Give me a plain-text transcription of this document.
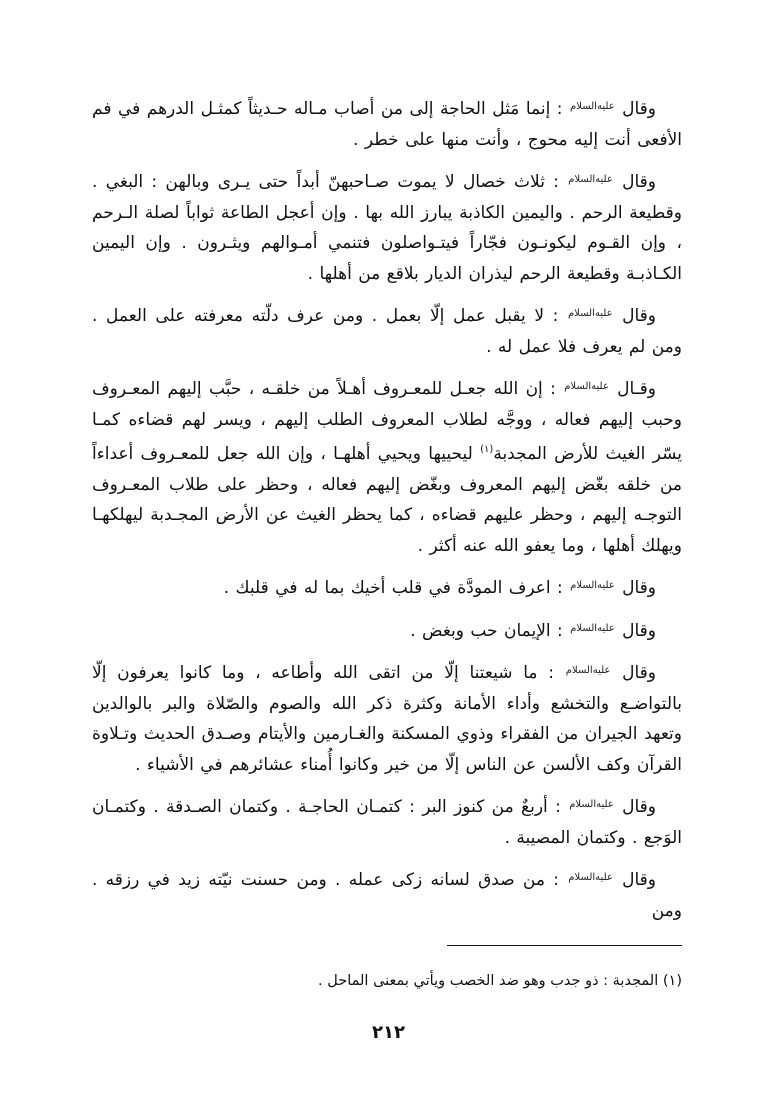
وقال $^{عليه‌السلام}$ : إنما مَثل الحاجة إلى من أصاب مـاله حـديثاً كمثـل الدرهم في فم الأفعى أنت إليه محوج ، وأنت منها على خطر .

وقال $^{عليه‌السلام}$ : ثلاث خصال لا يموت صـاحبهنّ أبداً حتى يـرى وبالهن : البغي . وقطيعة الرحم . واليمين الكاذبة يبارز الله بها . وإن أعجل الطاعة ثواباً لصلة الـرحم ، وإن القـوم ليكونـون فجّاراً فيتـواصلون فتنمي أمـوالهم ويثـرون . وإن اليمين الكـاذبـة وقطيعة الرحم ليذران الديار بلاقع من أهلها .

وقال $^{عليه‌السلام}$ : لا يقبل عمل إلّا بعمل . ومن عرف دلّته معرفته على العمل . ومن لم يعرف فلا عمل له .

وقـال $^{عليه‌السلام}$ : إن الله جعـل للمعـروف أهـلاً من خلقـه ، حبَّب إليهم المعـروف وحبب إليهم فعاله ، ووجَّه لطلاب المعروف الطلب إليهم ، ويسر لهم قضاءه كمـا يسّر الغيث للأرض المجدبة$^{(١)}$ ليحييها ويحيي أهلهـا ، وإن الله جعل للمعـروف أعداءاً من خلقه بغّض إليهم المعروف وبغّض إليهم فعاله ، وحظر على طلاب المعـروف التوجـه إليهم ، وحظر عليهم قضاءه ، كما يحظر الغيث عن الأرض المجـدبة ليهلكهـا ويهلك أهلها ، وما يعفو الله عنه أكثر .

وقال $^{عليه‌السلام}$ : اعرف المودَّة في قلب أخيك بما له في قلبك .

وقال $^{عليه‌السلام}$ : الإيمان حب وبغض .

وقال $^{عليه‌السلام}$ : ما شيعتنا إلّا من اتقى الله وأطاعه ، وما كانوا يعرفون إلّا بالتواضـع والتخشع وأداء الأمانة وكثرة ذكر الله والصوم والصّلاة والبر بالوالدين وتعهد الجيران من الفقراء وذوي المسكنة والغـارمين والأيتام وصـدق الحديث وتـلاوة القرآن وكف الألسن عن الناس إلّا من خير وكانوا أُمناء عشائرهم في الأشياء .

وقال $^{عليه‌السلام}$ : أربعٌ من كنوز البر : كتمـان الحاجـة . وكتمان الصـدقة . وكتمـان الوَجع . وكتمان المصيبة .

وقال $^{عليه‌السلام}$ : من صدق لسانه زكى عمله . ومن حسنت نيّته زيد في رزقه . ومن

(١) المجدبة : ذو جدب وهو ضد الخصب ويأتي بمعنى الماحل .
٢١٢
